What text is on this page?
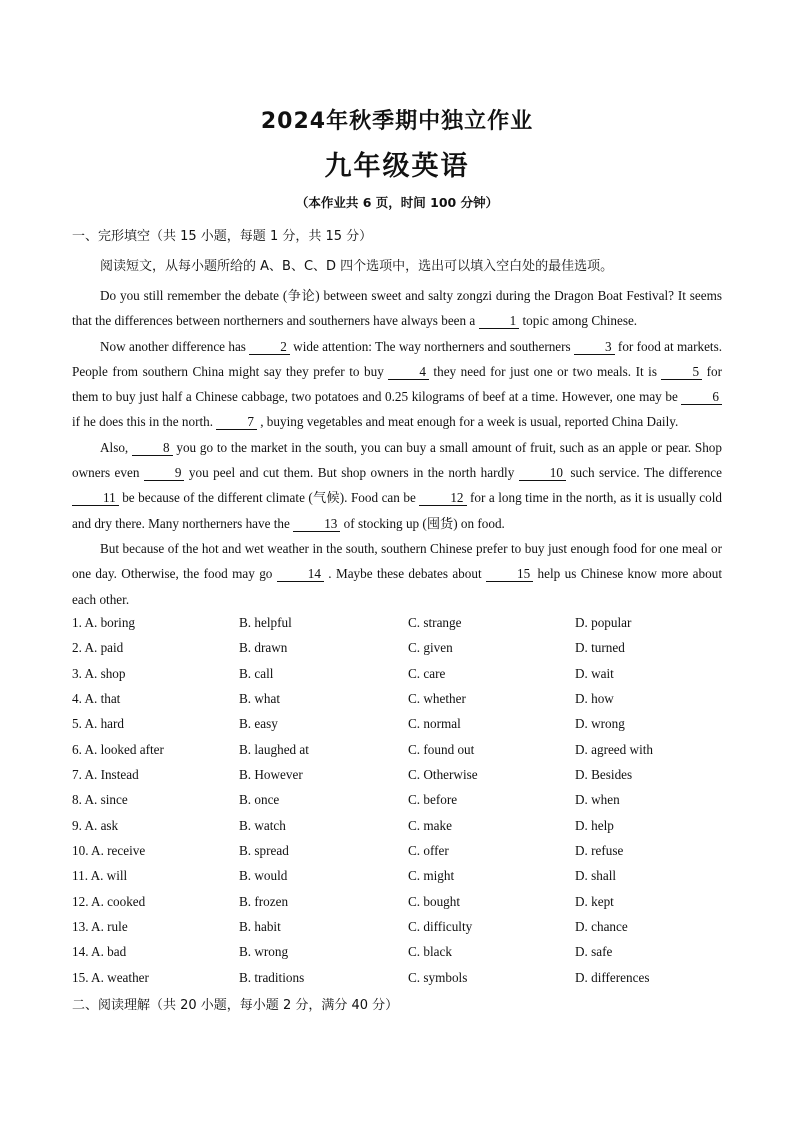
2024年秋季期中独立作业
九年级英语
（本作业共 6 页，时间 100 分钟）
一、完形填空（共 15 小题，每题 1 分，共 15 分）
阅读短文，从每小题所给的 A、B、C、D 四个选项中，选出可以填入空白处的最佳选项。

Do you still remember the debate (争论) between sweet and salty zongzi during the Dragon Boat Festival? It seems that the differences between northerners and southerners have always been a 1 topic among Chinese.

Now another difference has 2 wide attention: The way northerners and southerners 3 for food at markets. People from southern China might say they prefer to buy 4 they need for just one or two meals. It is 5 for them to buy just half a Chinese cabbage, two potatoes and 0.25 kilograms of beef at a time. However, one may be 6 if he does this in the north. 7 , buying vegetables and meat enough for a week is usual, reported China Daily.

Also, 8 you go to the market in the south, you can buy a small amount of fruit, such as an apple or pear. Shop owners even 9 you peel and cut them. But shop owners in the north hardly 10 such service. The difference 11 be because of the different climate (气候). Food can be 12 for a long time in the north, as it is usually cold and dry there. Many northerners have the 13 of stocking up (囤货) on food.

But because of the hot and wet weather in the south, southern Chinese prefer to buy just enough food for one meal or one day. Otherwise, the food may go 14 . Maybe these debates about 15 help us Chinese know more about each other.

1. A. boring	B. helpful	C. strange	D. popular
2. A. paid	B. drawn	C. given	D. turned
3. A. shop	B. call	C. care	D. wait
4. A. that	B. what	C. whether	D. how
5. A. hard	B. easy	C. normal	D. wrong
6. A. looked after	B. laughed at	C. found out	D. agreed with
7. A. Instead	B. However	C. Otherwise	D. Besides
8. A. since	B. once	C. before	D. when
9. A. ask	B. watch	C. make	D. help
10. A. receive	B. spread	C. offer	D. refuse
11. A. will	B. would	C. might	D. shall
12. A. cooked	B. frozen	C. bought	D. kept
13. A. rule	B. habit	C. difficulty	D. chance
14. A. bad	B. wrong	C. black	D. safe
15. A. weather	B. traditions	C. symbols	D. differences
二、阅读理解（共 20 小题，每小题 2 分，满分 40 分）
